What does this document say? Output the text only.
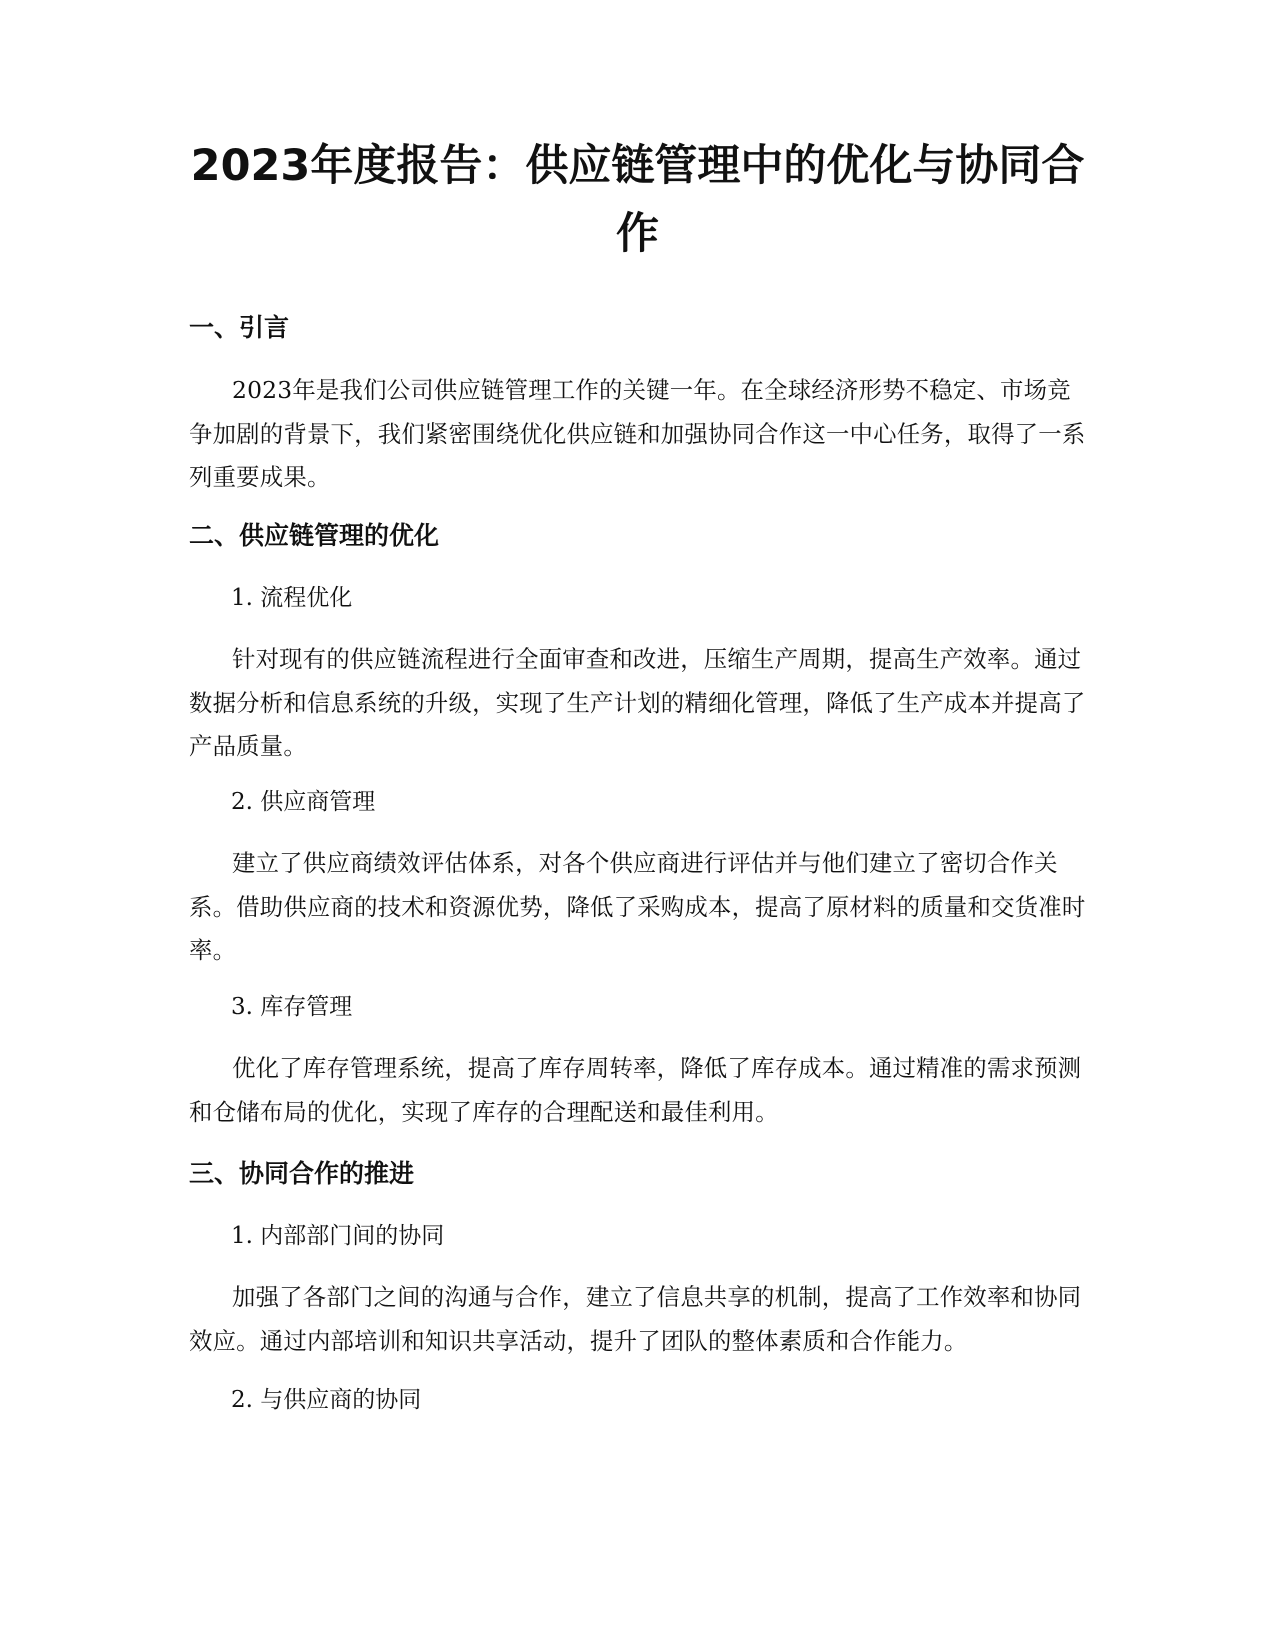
2023年度报告：供应链管理中的优化与协同合作
一、引言

2023年是我们公司供应链管理工作的关键一年。在全球经济形势不稳定、市场竞争加剧的背景下，我们紧密围绕优化供应链和加强协同合作这一中心任务，取得了一系列重要成果。

二、供应链管理的优化

1. 流程优化

针对现有的供应链流程进行全面审查和改进，压缩生产周期，提高生产效率。通过数据分析和信息系统的升级，实现了生产计划的精细化管理，降低了生产成本并提高了产品质量。

2. 供应商管理

建立了供应商绩效评估体系，对各个供应商进行评估并与他们建立了密切合作关系。借助供应商的技术和资源优势，降低了采购成本，提高了原材料的质量和交货准时率。

3. 库存管理

优化了库存管理系统，提高了库存周转率，降低了库存成本。通过精准的需求预测和仓储布局的优化，实现了库存的合理配送和最佳利用。

三、协同合作的推进

1. 内部部门间的协同

加强了各部门之间的沟通与合作，建立了信息共享的机制，提高了工作效率和协同效应。通过内部培训和知识共享活动，提升了团队的整体素质和合作能力。

2. 与供应商的协同
